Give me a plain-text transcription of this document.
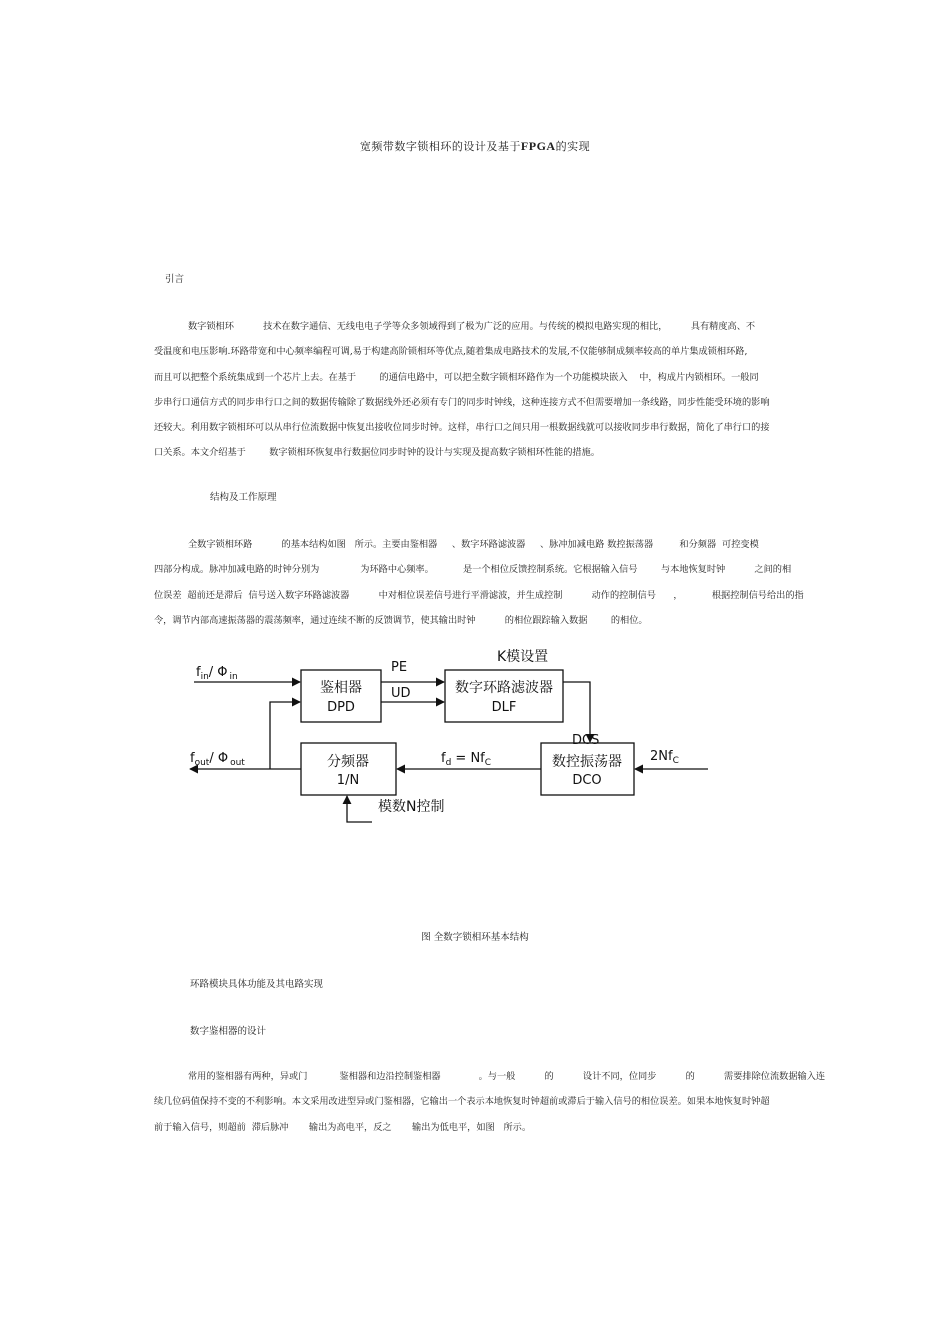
宽频带数字锁相环的设计及基于FPGA的实现
引言
数字锁相环          技术在数字通信、无线电电子学等众多领域得到了极为广泛的应用。与传统的模拟电路实现的相比，        具有精度高、不
受温度和电压影响.环路带宽和中心频率编程可调,易于构建高阶锁相环等优点,随着集成电路技术的发展,不仅能够制成频率较高的单片集成锁相环路,
而且可以把整个系统集成到一个芯片上去。在基于        的通信电路中，可以把全数字锁相环路作为一个功能模块嵌入    中，构成片内锁相环。一般同
步串行口通信方式的同步串行口之间的数据传输除了数据线外还必须有专门的同步时钟线，这种连接方式不但需要增加一条线路，同步性能受环境的影响
还较大。利用数字锁相环可以从串行位流数据中恢复出接收位同步时钟。这样，串行口之间只用一根数据线就可以接收同步串行数据，简化了串行口的接
口关系。本文介绍基于        数字锁相环恢复串行数据位同步时钟的设计与实现及提高数字锁相环性能的措施。
结构及工作原理
全数字锁相环路          的基本结构如图   所示。主要由鉴相器     、数字环路滤波器     、脉冲加减电路 数控振荡器         和分频器  可控变模
四部分构成。脉冲加减电路的时钟分别为              为环路中心频率。          是一个相位反馈控制系统。它根据输入信号        与本地恢复时钟          之间的相
位误差  超前还是滞后  信号送入数字环路滤波器          中对相位误差信号进行平滑滤波，并生成控制          动作的控制信号      ，          根据控制信号给出的指
令，调节内部高速振荡器的震荡频率，通过连续不断的反馈调节，使其输出时钟          的相位跟踪输入数据        的相位。
$f_{in}/$ Φ $_{in}$
$f_{out}/$ Φ $_{out}$
鉴相器
DPD
PE
UD
K模设置
数字环路滤波器
DLF
DCS
数控振荡器
DCO
$2Nf_C$
$f_d = Nf_C$
分频器
1/N
模数N控制
图 全数字锁相环基本结构
环路模块具体功能及其电路实现
数字鉴相器的设计
常用的鉴相器有两种，异或门           鉴相器和边沿控制鉴相器             。与一般          的          设计不同，位同步          的          需要排除位流数据输入连
续几位码值保持不变的不利影响。本文采用改进型异或门鉴相器，它输出一个表示本地恢复时钟超前或滞后于输入信号的相位误差。如果本地恢复时钟超
前于输入信号，则超前  滞后脉冲       输出为高电平，反之       输出为低电平，如图   所示。
